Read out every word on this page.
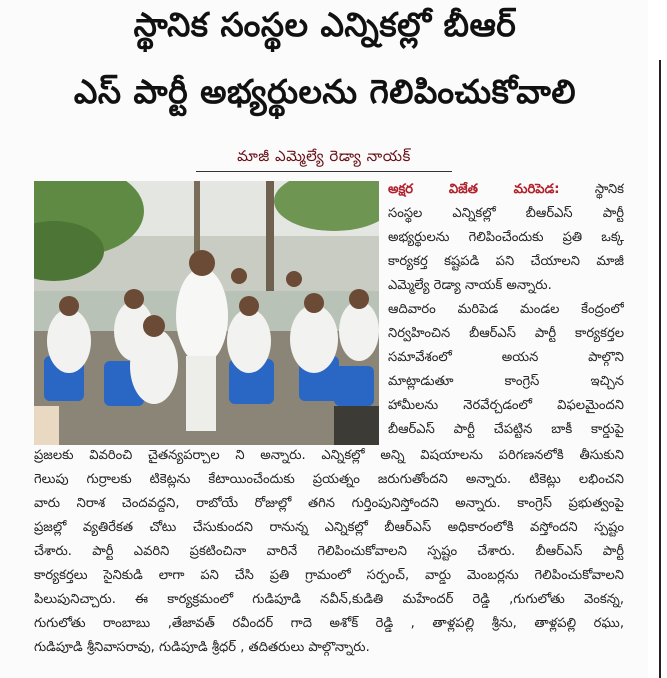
స్థానిక సంస్థల ఎన్నికల్లో బీఆర్
ఎస్ పార్టీ అభ్యర్థులను గెలిపించుకోవాలి
మాజీ ఎమ్మెల్యే రెడ్యా నాయక్
అక్షర విజేత మరిపెడ:	స్థానిక
సంస్థల ఎన్నికల్లో బీఆర్ఎస్ పార్టీ
అభ్యర్థులను గెలిపించేందుకు ప్రతి ఒక్క
కార్యకర్త కష్టపడి పని చేయాలని మాజీ
ఎమ్మెల్యే రెడ్యా నాయక్ అన్నారు.
ఆదివారం మరిపెడ మండల కేంద్రంలో
నిర్వహించిన బీఆర్ఎస్ పార్టీ కార్యకర్తల
సమావేశంలో అయన పాల్గొని
మాట్లాడుతూ కాంగ్రెస్ ఇచ్చిన
హామీలను నెరవేర్చడంలో విఫలమైందని
బీఆర్ఎస్ పార్టీ చేపట్టిన బాకీ కార్డుపై
ప్రజలకు వివరించి చైతన్యపర్చాల ని అన్నారు. ఎన్నికల్లో అన్ని విషయాలను పరిగణనలోకి తీసుకుని
గెలుపు గుర్రాలకు టికెట్లను కేటాయించేందుకు ప్రయత్నం జరుగుతోందని అన్నారు. టికెట్లు లభించని
వారు నిరాశ చెందవద్దని, రాబోయే రోజుల్లో తగిన గుర్తింపునిస్తోందని అన్నారు. కాంగ్రెస్ ప్రభుత్వంపై
ప్రజల్లో వ్యతిరేకత చోటు చేసుకుందని రానున్న ఎన్నికల్లో బీఆర్ఎస్ అధికారంలోకి వస్తోందని స్పష్టం
చేశారు. పార్టీ ఎవరిని ప్రకటించినా వారినే గెలిపించుకోవాలని స్పష్టం చేశారు. బీఆర్ఎస్ పార్టీ
కార్యకర్తలు సైనికుడి లాగా పని చేసి ప్రతి గ్రామంలో సర్పంచ్, వార్డు మెంబర్లను గెలిపించుకోవాలని
పిలుపునిచ్చారు. ఈ కార్యక్రమంలో గుడిపూడి నవీన్,కుడితి మహేందర్ రెడ్డి ,గుగులోతు వెంకన్న,
గుగులోతు రాంబాబు ,తేజావత్ రవీందర్ గాదె అశోక్ రెడ్డి , తాళ్లపల్లి శ్రీను, తాళ్లపల్లి రఘు,
గుడిపూడి శ్రీనివాసరావు, గుడిపూడి శ్రీధర్ , తదితరులు పాల్గొన్నారు.
